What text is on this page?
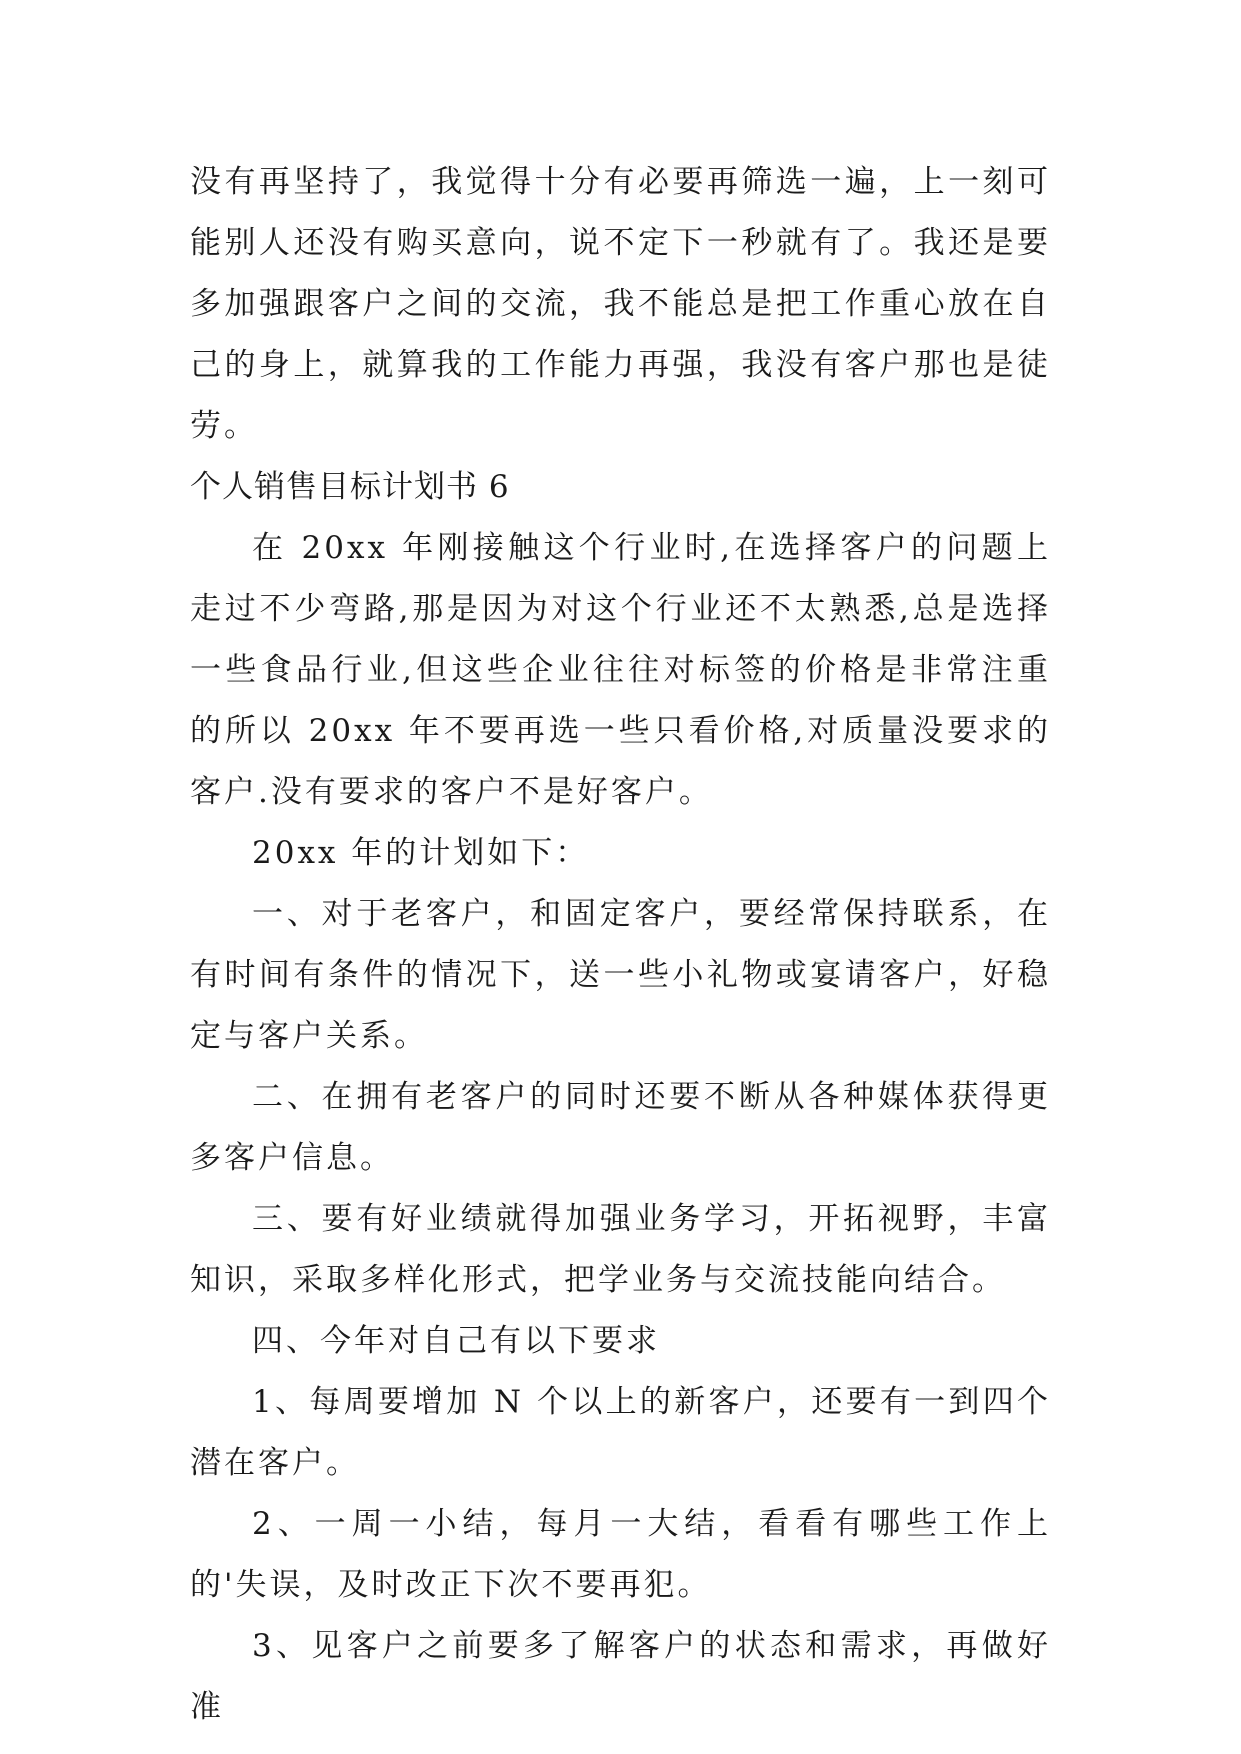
没有再坚持了，我觉得十分有必要再筛选一遍，上一刻可能别人还没有购买意向，说不定下一秒就有了。我还是要多加强跟客户之间的交流，我不能总是把工作重心放在自己的身上，就算我的工作能力再强，我没有客户那也是徒劳。

个人销售目标计划书 6

在 20xx 年刚接触这个行业时,在选择客户的问题上走过不少弯路,那是因为对这个行业还不太熟悉,总是选择一些食品行业,但这些企业往往对标签的价格是非常注重的所以 20xx 年不要再选一些只看价格,对质量没要求的客户.没有要求的客户不是好客户。

20xx 年的计划如下：

一、对于老客户，和固定客户，要经常保持联系，在有时间有条件的情况下，送一些小礼物或宴请客户，好稳定与客户关系。

二、在拥有老客户的同时还要不断从各种媒体获得更多客户信息。

三、要有好业绩就得加强业务学习，开拓视野，丰富知识，采取多样化形式，把学业务与交流技能向结合。

四、今年对自己有以下要求

1、每周要增加 N 个以上的新客户，还要有一到四个潜在客户。

2、一周一小结，每月一大结，看看有哪些工作上的'失误，及时改正下次不要再犯。

3、见客户之前要多了解客户的状态和需求，再做好准
